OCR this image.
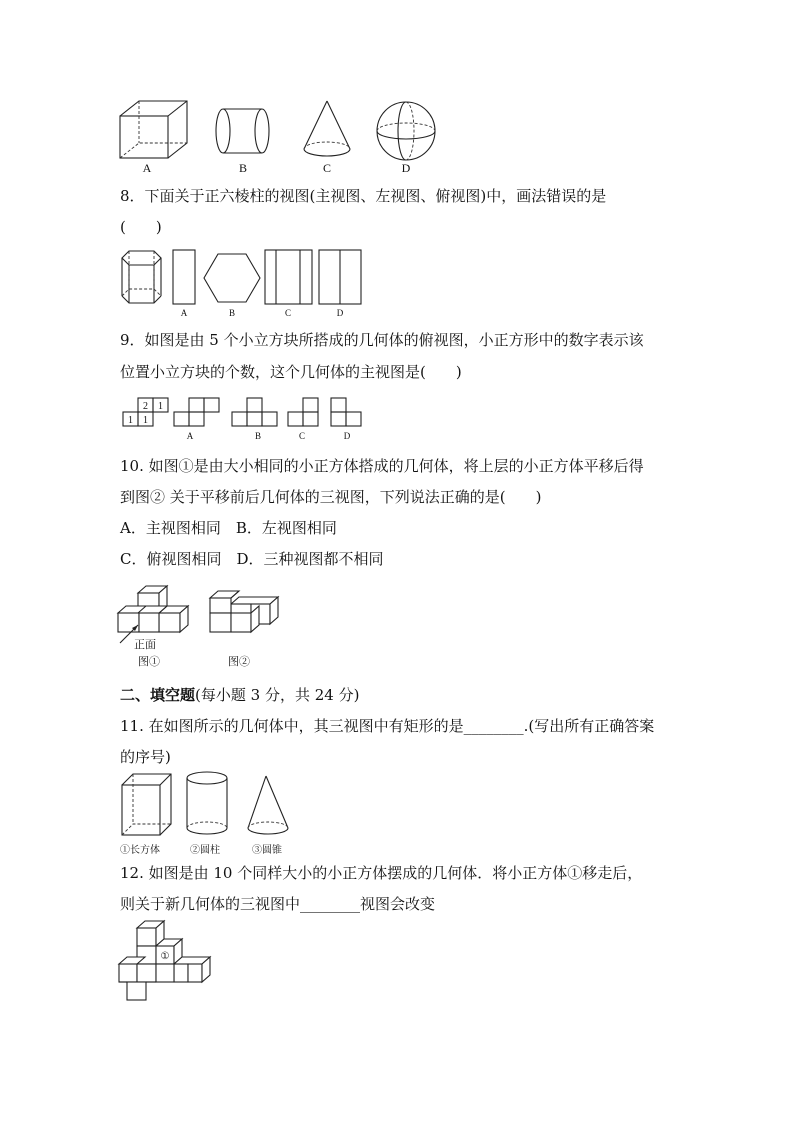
A	B	C	D
8．下面关于正六棱柱的视图(主视图、左视图、俯视图)中，画法错误的是
(　　)
A	B	C	D
9．如图是由 5 个小立方块所搭成的几何体的俯视图，小正方形中的数字表示该
位置小立方块的个数，这个几何体的主视图是(　　)
2 1
1 1
A	B	C	D
10. 如图①是由大小相同的小正方体搭成的几何体，将上层的小正方体平移后得
到图② 关于平移前后几何体的三视图，下列说法正确的是(　　)
A．主视图相同　B．左视图相同
C．俯视图相同　D．三种视图都不相同
正面
图①	图②
二、填空题(每小题 3 分，共 24 分)
11. 在如图所示的几何体中，其三视图中有矩形的是________.(写出所有正确答案
的序号)
①长方体	②圆柱	③圆锥
12. 如图是由 10 个同样大小的小正方体摆成的几何体．将小正方体①移走后，
则关于新几何体的三视图中________视图会改变
①
